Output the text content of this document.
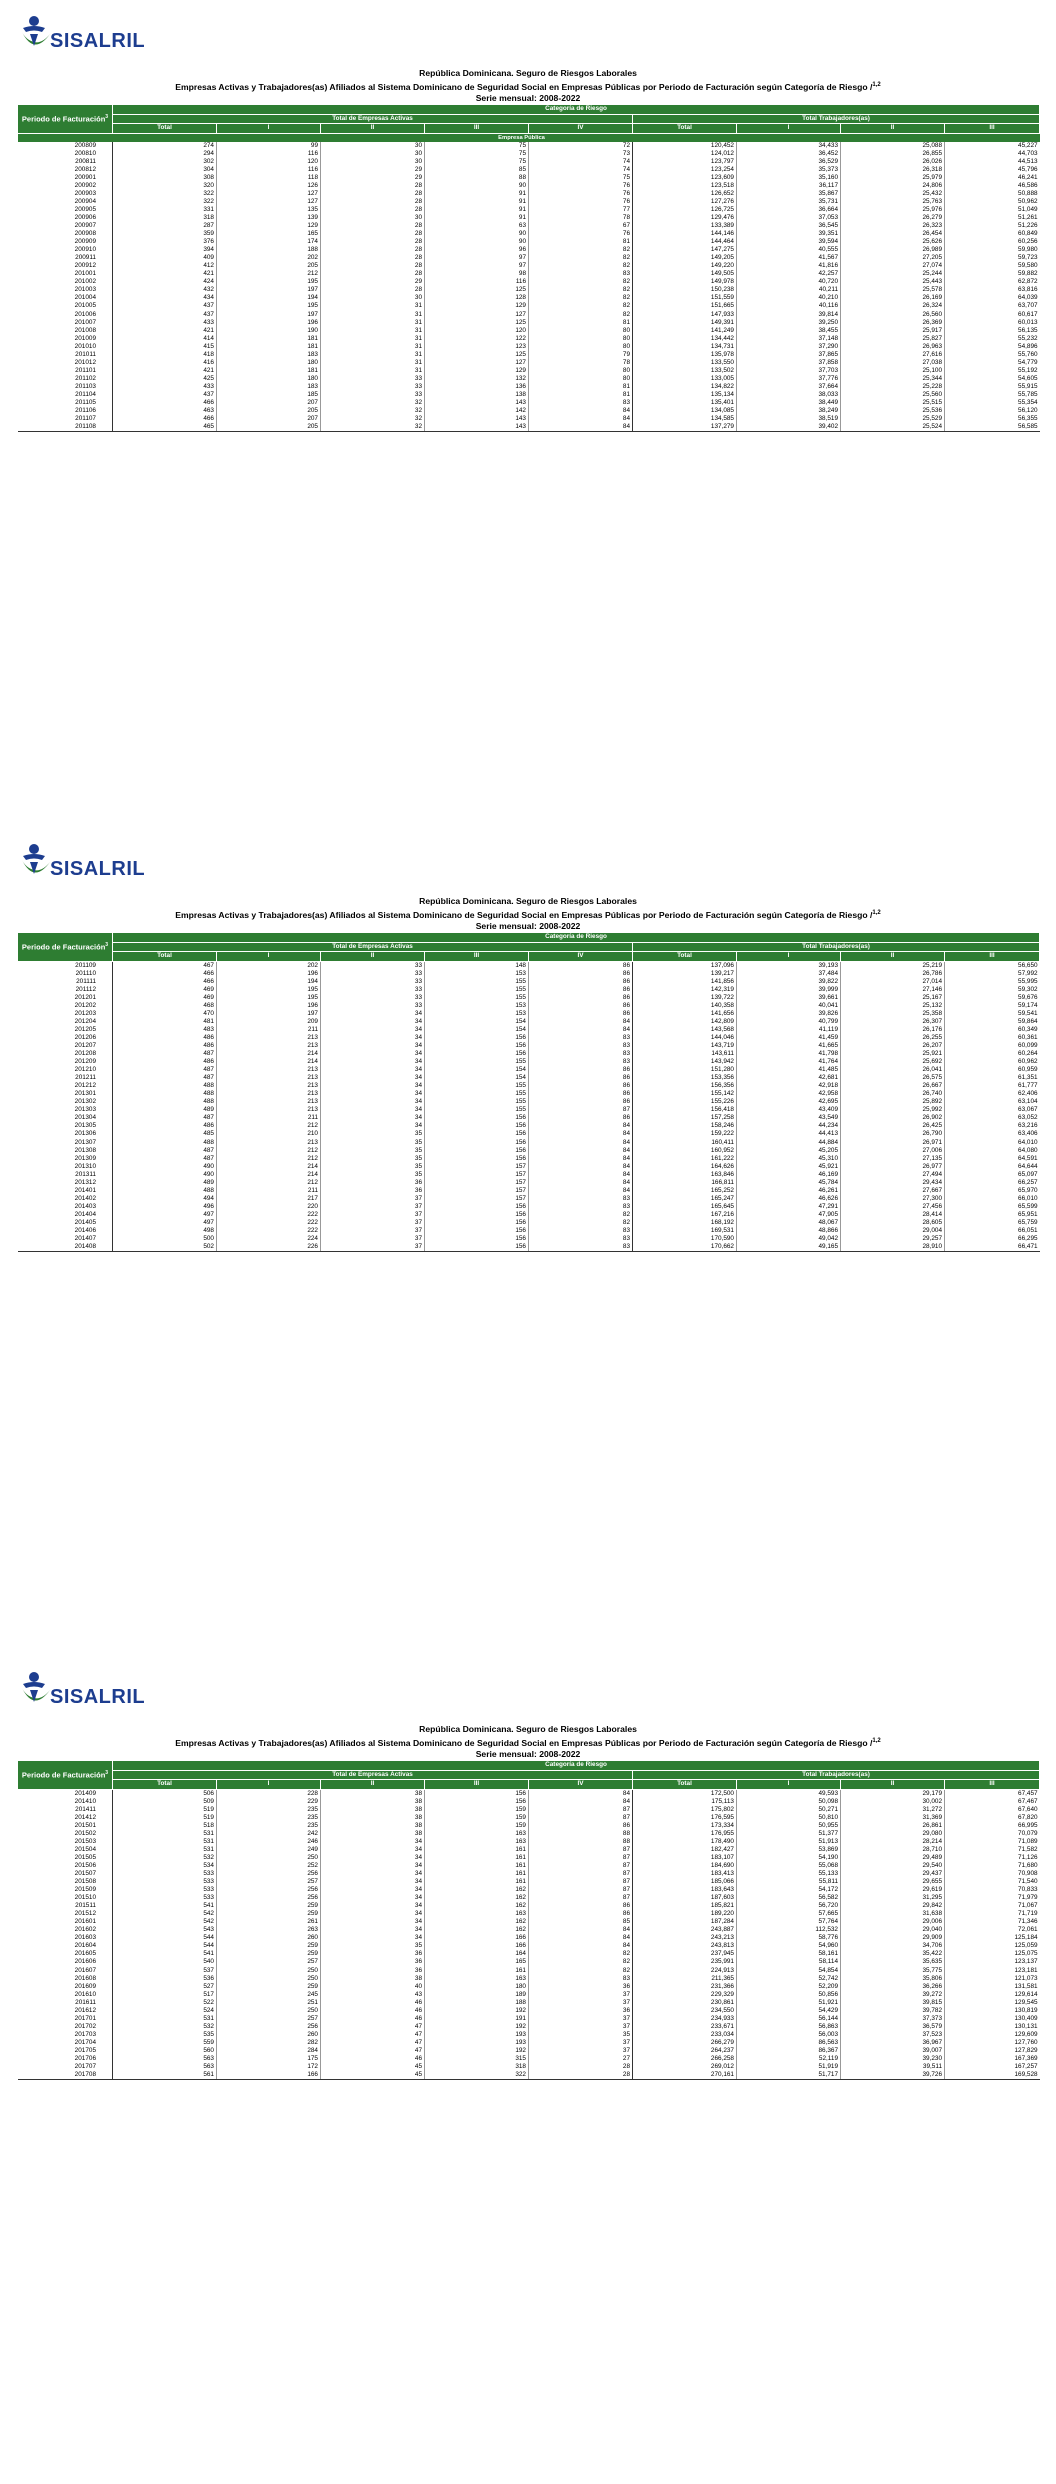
SISALRIL
República Dominicana. Seguro de Riesgos Laborales
Empresas Activas y Trabajadores(as) Afiliados al Sistema Dominicano de Seguridad Social en Empresas Públicas por Periodo de Facturación según Categoría de Riesgo /$^{1,2}$
Serie mensual: 2008-2022
Periodo de Facturación$^3$	Categoría de Riesgo								
	Total de Empresas Activas					Total Trabajadores(as)			
	Total	I	II	III	IV	Total	I	II	III
Empresa Pública									
200809	274	99	30	75	72	120,452	34,433	25,088	45,227
200810	294	116	30	75	73	124,012	36,452	26,855	44,703
200811	302	120	30	75	74	123,797	36,529	26,026	44,513
200812	304	116	29	85	74	123,254	35,373	26,318	45,796
200901	308	118	29	88	75	123,609	35,160	25,979	46,241
200902	320	126	28	90	76	123,518	36,117	24,806	46,586
200903	322	127	28	91	76	126,652	35,867	25,432	50,888
200904	322	127	28	91	76	127,276	35,731	25,763	50,962
200905	331	135	28	91	77	126,725	36,664	25,976	51,049
200906	318	139	30	91	78	129,476	37,053	26,279	51,261
200907	287	129	28	63	67	133,389	36,545	26,323	51,226
200908	359	165	28	90	76	144,146	39,351	26,454	60,849
200909	376	174	28	90	81	144,464	39,594	25,626	60,256
200910	394	188	28	96	82	147,275	40,555	26,989	59,980
200911	409	202	28	97	82	149,205	41,567	27,205	59,723
200912	412	205	28	97	82	149,220	41,816	27,074	59,580
201001	421	212	28	98	83	149,505	42,257	25,244	59,882
201002	424	195	29	116	82	149,978	40,720	25,443	62,872
201003	432	197	28	125	82	150,238	40,211	25,578	63,816
201004	434	194	30	128	82	151,559	40,210	26,169	64,039
201005	437	195	31	129	82	151,665	40,116	26,324	63,707
201006	437	197	31	127	82	147,933	39,814	26,560	60,617
201007	433	196	31	125	81	149,391	39,250	26,369	60,013
201008	421	190	31	120	80	141,249	38,455	25,917	56,135
201009	414	181	31	122	80	134,442	37,148	25,827	55,232
201010	415	181	31	123	80	134,731	37,290	26,963	54,896
201011	418	183	31	125	79	135,978	37,865	27,616	55,760
201012	416	180	31	127	78	133,550	37,858	27,038	54,779
201101	421	181	31	129	80	133,502	37,703	25,100	55,192
201102	425	180	33	132	80	133,005	37,776	25,344	54,605
201103	433	183	33	136	81	134,822	37,664	25,228	55,915
201104	437	185	33	138	81	135,134	38,033	25,560	55,785
201105	466	207	32	143	83	135,401	38,449	25,515	55,354
201106	463	205	32	142	84	134,085	38,249	25,536	56,120
201107	466	207	32	143	84	134,585	38,519	25,529	56,355
201108	465	205	32	143	84	137,279	39,402	25,524	56,585
SISALRIL
República Dominicana. Seguro de Riesgos Laborales
Empresas Activas y Trabajadores(as) Afiliados al Sistema Dominicano de Seguridad Social en Empresas Públicas por Periodo de Facturación según Categoría de Riesgo /$^{1,2}$
Serie mensual: 2008-2022
Periodo de Facturación$^3$	Categoría de Riesgo								
	Total de Empresas Activas					Total Trabajadores(as)			
	Total	I	II	III	IV	Total	I	II	III
201109	467	202	33	148	86	137,096	39,193	25,219	56,650
201110	466	196	33	153	86	139,217	37,484	26,786	57,992
201111	466	194	33	155	86	141,856	39,822	27,014	55,995
201112	469	195	33	155	86	142,319	39,999	27,146	59,302
201201	469	195	33	155	86	139,722	39,661	25,167	59,676
201202	468	196	33	153	86	140,358	40,041	25,132	59,174
201203	470	197	34	153	86	141,656	39,826	25,358	59,541
201204	481	209	34	154	84	142,809	40,799	26,307	59,864
201205	483	211	34	154	84	143,568	41,119	26,176	60,349
201206	486	213	34	156	83	144,046	41,459	26,255	60,361
201207	486	213	34	156	83	143,719	41,665	26,207	60,099
201208	487	214	34	156	83	143,611	41,798	25,921	60,264
201209	486	214	34	155	83	143,942	41,764	25,692	60,962
201210	487	213	34	154	86	151,280	41,485	26,041	60,959
201211	487	213	34	154	86	153,356	42,681	26,575	61,351
201212	488	213	34	155	86	156,356	42,918	26,667	61,777
201301	488	213	34	155	86	155,142	42,958	26,740	62,406
201302	488	213	34	155	86	155,226	42,695	25,892	63,104
201303	489	213	34	155	87	156,418	43,409	25,992	63,067
201304	487	211	34	156	86	157,258	43,549	26,902	63,052
201305	486	212	34	156	84	158,246	44,234	26,425	63,216
201306	485	210	35	156	84	159,222	44,413	26,790	63,406
201307	488	213	35	156	84	160,411	44,884	26,971	64,010
201308	487	212	35	156	84	160,952	45,205	27,006	64,080
201309	487	212	35	156	84	161,222	45,310	27,135	64,591
201310	490	214	35	157	84	164,626	45,921	26,977	64,644
201311	490	214	35	157	84	163,846	46,169	27,494	65,097
201312	489	212	36	157	84	166,811	45,784	29,434	66,257
201401	488	211	36	157	84	165,252	46,261	27,667	65,970
201402	494	217	37	157	83	165,247	46,626	27,300	66,010
201403	496	220	37	156	83	165,645	47,291	27,456	65,599
201404	497	222	37	156	82	167,216	47,905	28,414	65,951
201405	497	222	37	156	82	168,192	48,067	28,605	65,759
201406	498	222	37	156	83	169,531	48,866	29,004	66,051
201407	500	224	37	156	83	170,590	49,042	29,257	66,295
201408	502	226	37	156	83	170,662	49,165	28,910	66,471
SISALRIL
República Dominicana. Seguro de Riesgos Laborales
Empresas Activas y Trabajadores(as) Afiliados al Sistema Dominicano de Seguridad Social en Empresas Públicas por Periodo de Facturación según Categoría de Riesgo /$^{1,2}$
Serie mensual: 2008-2022
Periodo de Facturación$^3$	Categoría de Riesgo								
	Total de Empresas Activas					Total Trabajadores(as)			
	Total	I	II	III	IV	Total	I	II	III
201409	506	228	38	156	84	172,500	49,593	29,179	67,457
201410	509	229	38	156	84	175,113	50,098	30,002	67,467
201411	519	235	38	159	87	175,802	50,271	31,272	67,640
201412	519	235	38	159	87	176,595	50,810	31,369	67,820
201501	518	235	38	159	86	173,334	50,955	26,861	66,995
201502	531	242	38	163	88	176,955	51,377	29,080	70,079
201503	531	246	34	163	88	178,490	51,913	28,214	71,089
201504	531	249	34	161	87	182,427	53,869	28,710	71,582
201505	532	250	34	161	87	183,107	54,190	29,489	71,126
201506	534	252	34	161	87	184,690	55,068	29,540	71,680
201507	533	256	34	161	87	183,413	55,133	29,437	70,908
201508	533	257	34	161	87	185,066	55,811	29,655	71,540
201509	533	256	34	162	87	183,643	54,172	29,619	70,833
201510	533	256	34	162	87	187,603	56,582	31,295	71,979
201511	541	259	34	162	86	185,821	56,720	29,842	71,067
201512	542	259	34	163	86	189,220	57,665	31,638	71,719
201601	542	261	34	162	85	187,284	57,764	29,006	71,346
201602	543	263	34	162	84	243,887	112,532	29,040	72,061
201603	544	260	34	166	84	243,213	58,776	29,909	125,184
201604	544	259	35	166	84	243,813	54,960	34,706	125,059
201605	541	259	36	164	82	237,945	58,161	35,422	125,075
201606	540	257	36	165	82	235,991	58,114	35,635	123,137
201607	537	250	36	161	82	224,913	54,854	35,775	123,181
201608	536	250	38	163	83	211,365	52,742	35,806	121,073
201609	527	259	40	180	36	231,366	52,209	36,266	131,581
201610	517	245	43	189	37	229,329	50,856	39,272	129,614
201611	522	251	46	188	37	230,861	51,921	39,815	129,545
201612	524	250	46	192	36	234,550	54,429	39,782	130,819
201701	531	257	46	191	37	234,933	56,144	37,373	130,409
201702	532	256	47	192	37	233,671	56,863	36,579	130,131
201703	535	260	47	193	35	233,034	56,003	37,523	129,609
201704	559	282	47	193	37	266,279	86,563	36,967	127,760
201705	560	284	47	192	37	264,237	86,367	39,007	127,829
201706	563	175	46	315	27	266,258	52,119	39,230	167,369
201707	563	172	45	318	28	269,012	51,919	39,511	167,257
201708	561	166	45	322	28	270,161	51,717	39,726	169,528
